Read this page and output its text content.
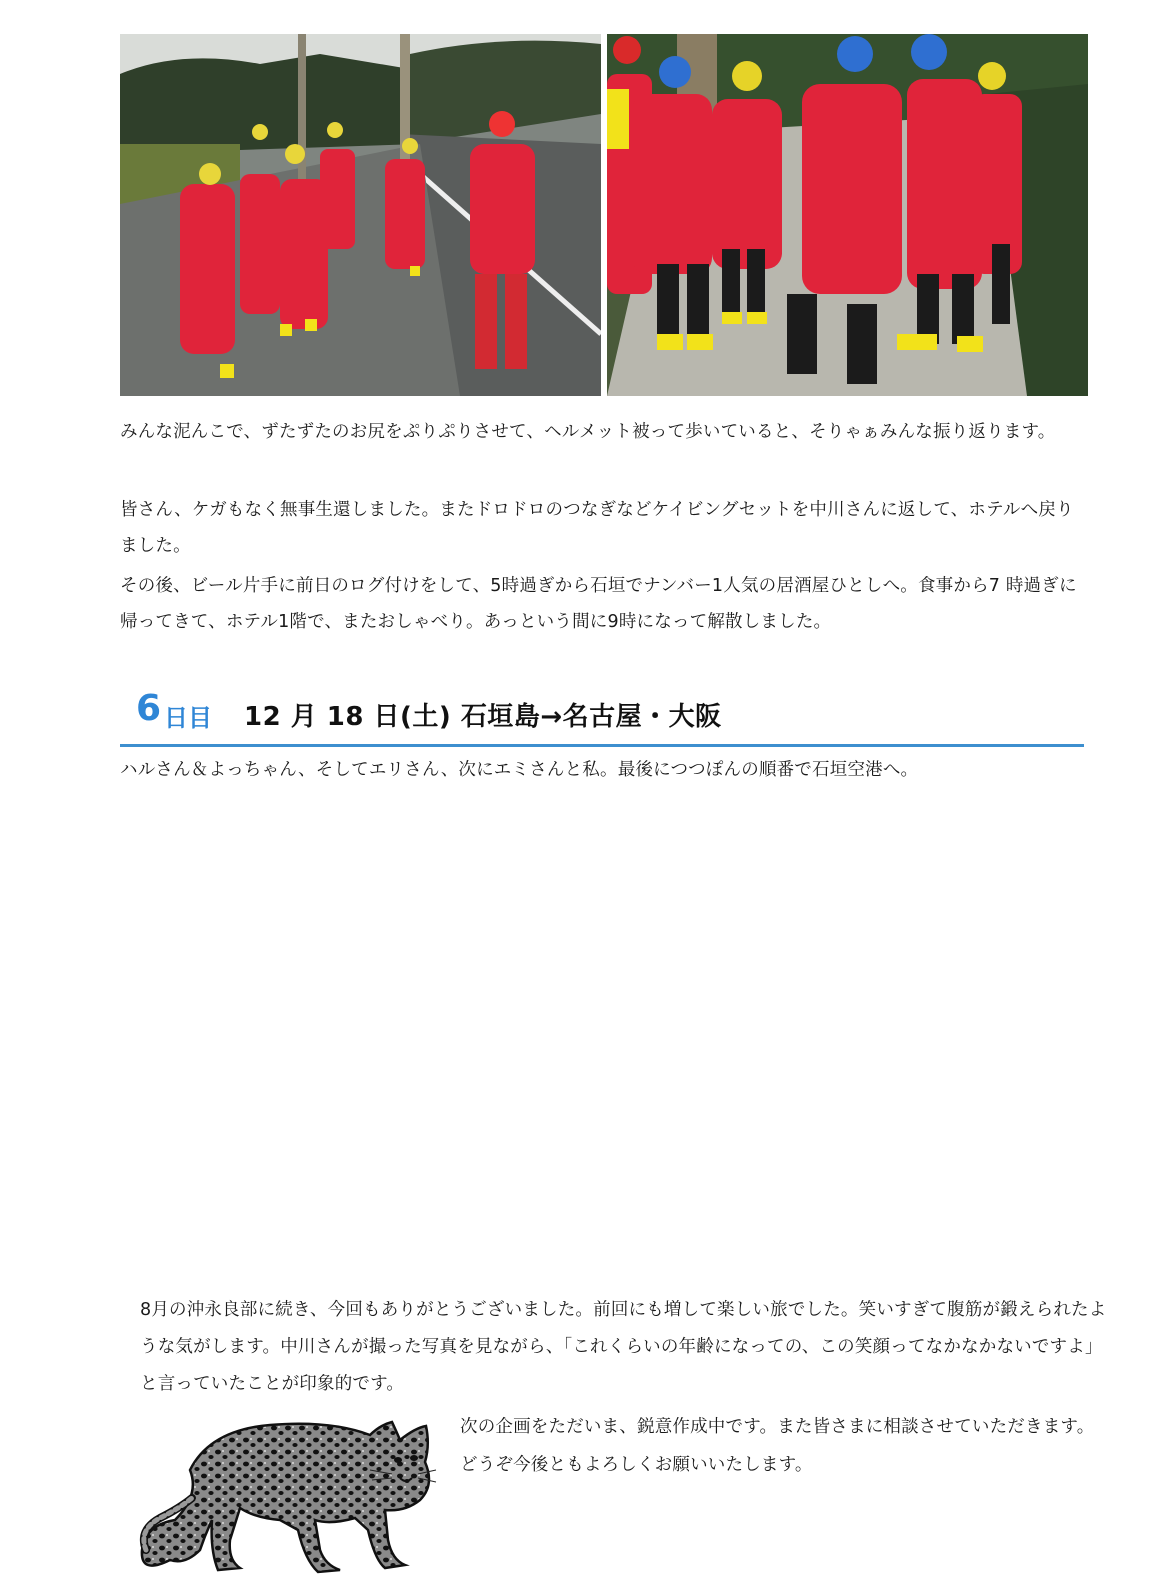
みんな泥んこで、ずたずたのお尻をぷりぷりさせて、ヘルメット被って歩いていると、そりゃぁみんな振り返ります。

皆さん、ケガもなく無事生還しました。またドロドロのつなぎなどケイビングセットを中川さんに返して、ホテルへ戻りました。

その後、ビール片手に前日のログ付けをして、5時過ぎから石垣でナンバー1人気の居酒屋ひとしへ。食事から7 時過ぎに帰ってきて、ホテル1階で、またおしゃべり。あっという間に9時になって解散しました。

6 日目 12 月 18 日(土) 石垣島→名古屋・大阪

ハルさん＆よっちゃん、そしてエリさん、次にエミさんと私。最後につつぽんの順番で石垣空港へ。

8月の沖永良部に続き、今回もありがとうございました。前回にも増して楽しい旅でした。笑いすぎて腹筋が鍛えられたような気がします。中川さんが撮った写真を見ながら、「これくらいの年齢になっての、この笑顔ってなかなかないですよ」と言っていたことが印象的です。

次の企画をただいま、鋭意作成中です。また皆さまに相談させていただきます。どうぞ今後ともよろしくお願いいたします。
